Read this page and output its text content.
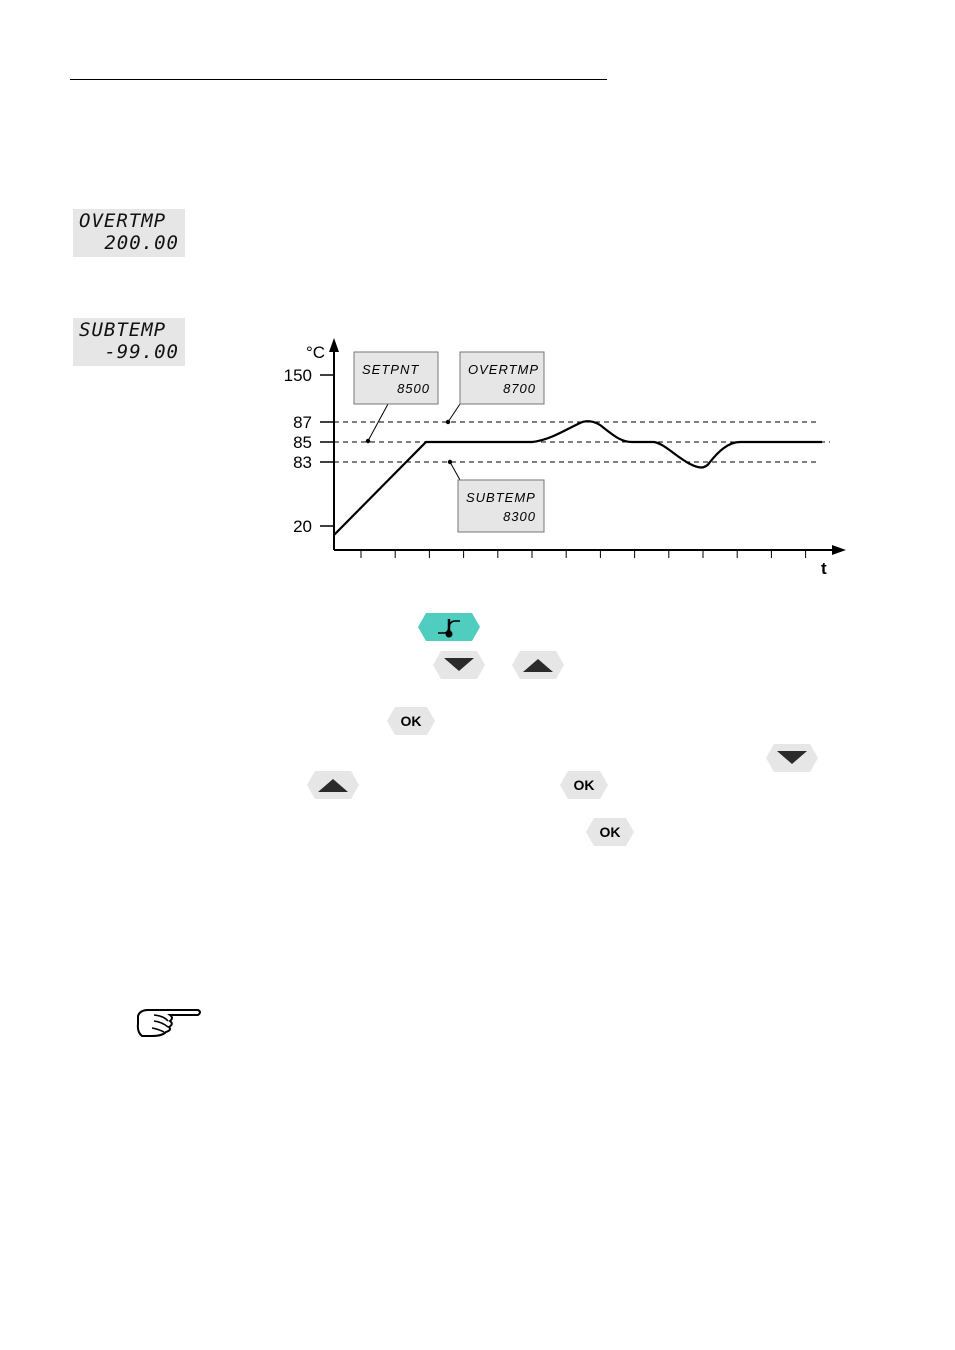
OVERTMP
200.00
SUBTEMP
-99.00	°C
t
150
87
85
83
20
SETPNT
8500
OVERTMP
8700
SUBTEMP
8300
OK
OK
OK
